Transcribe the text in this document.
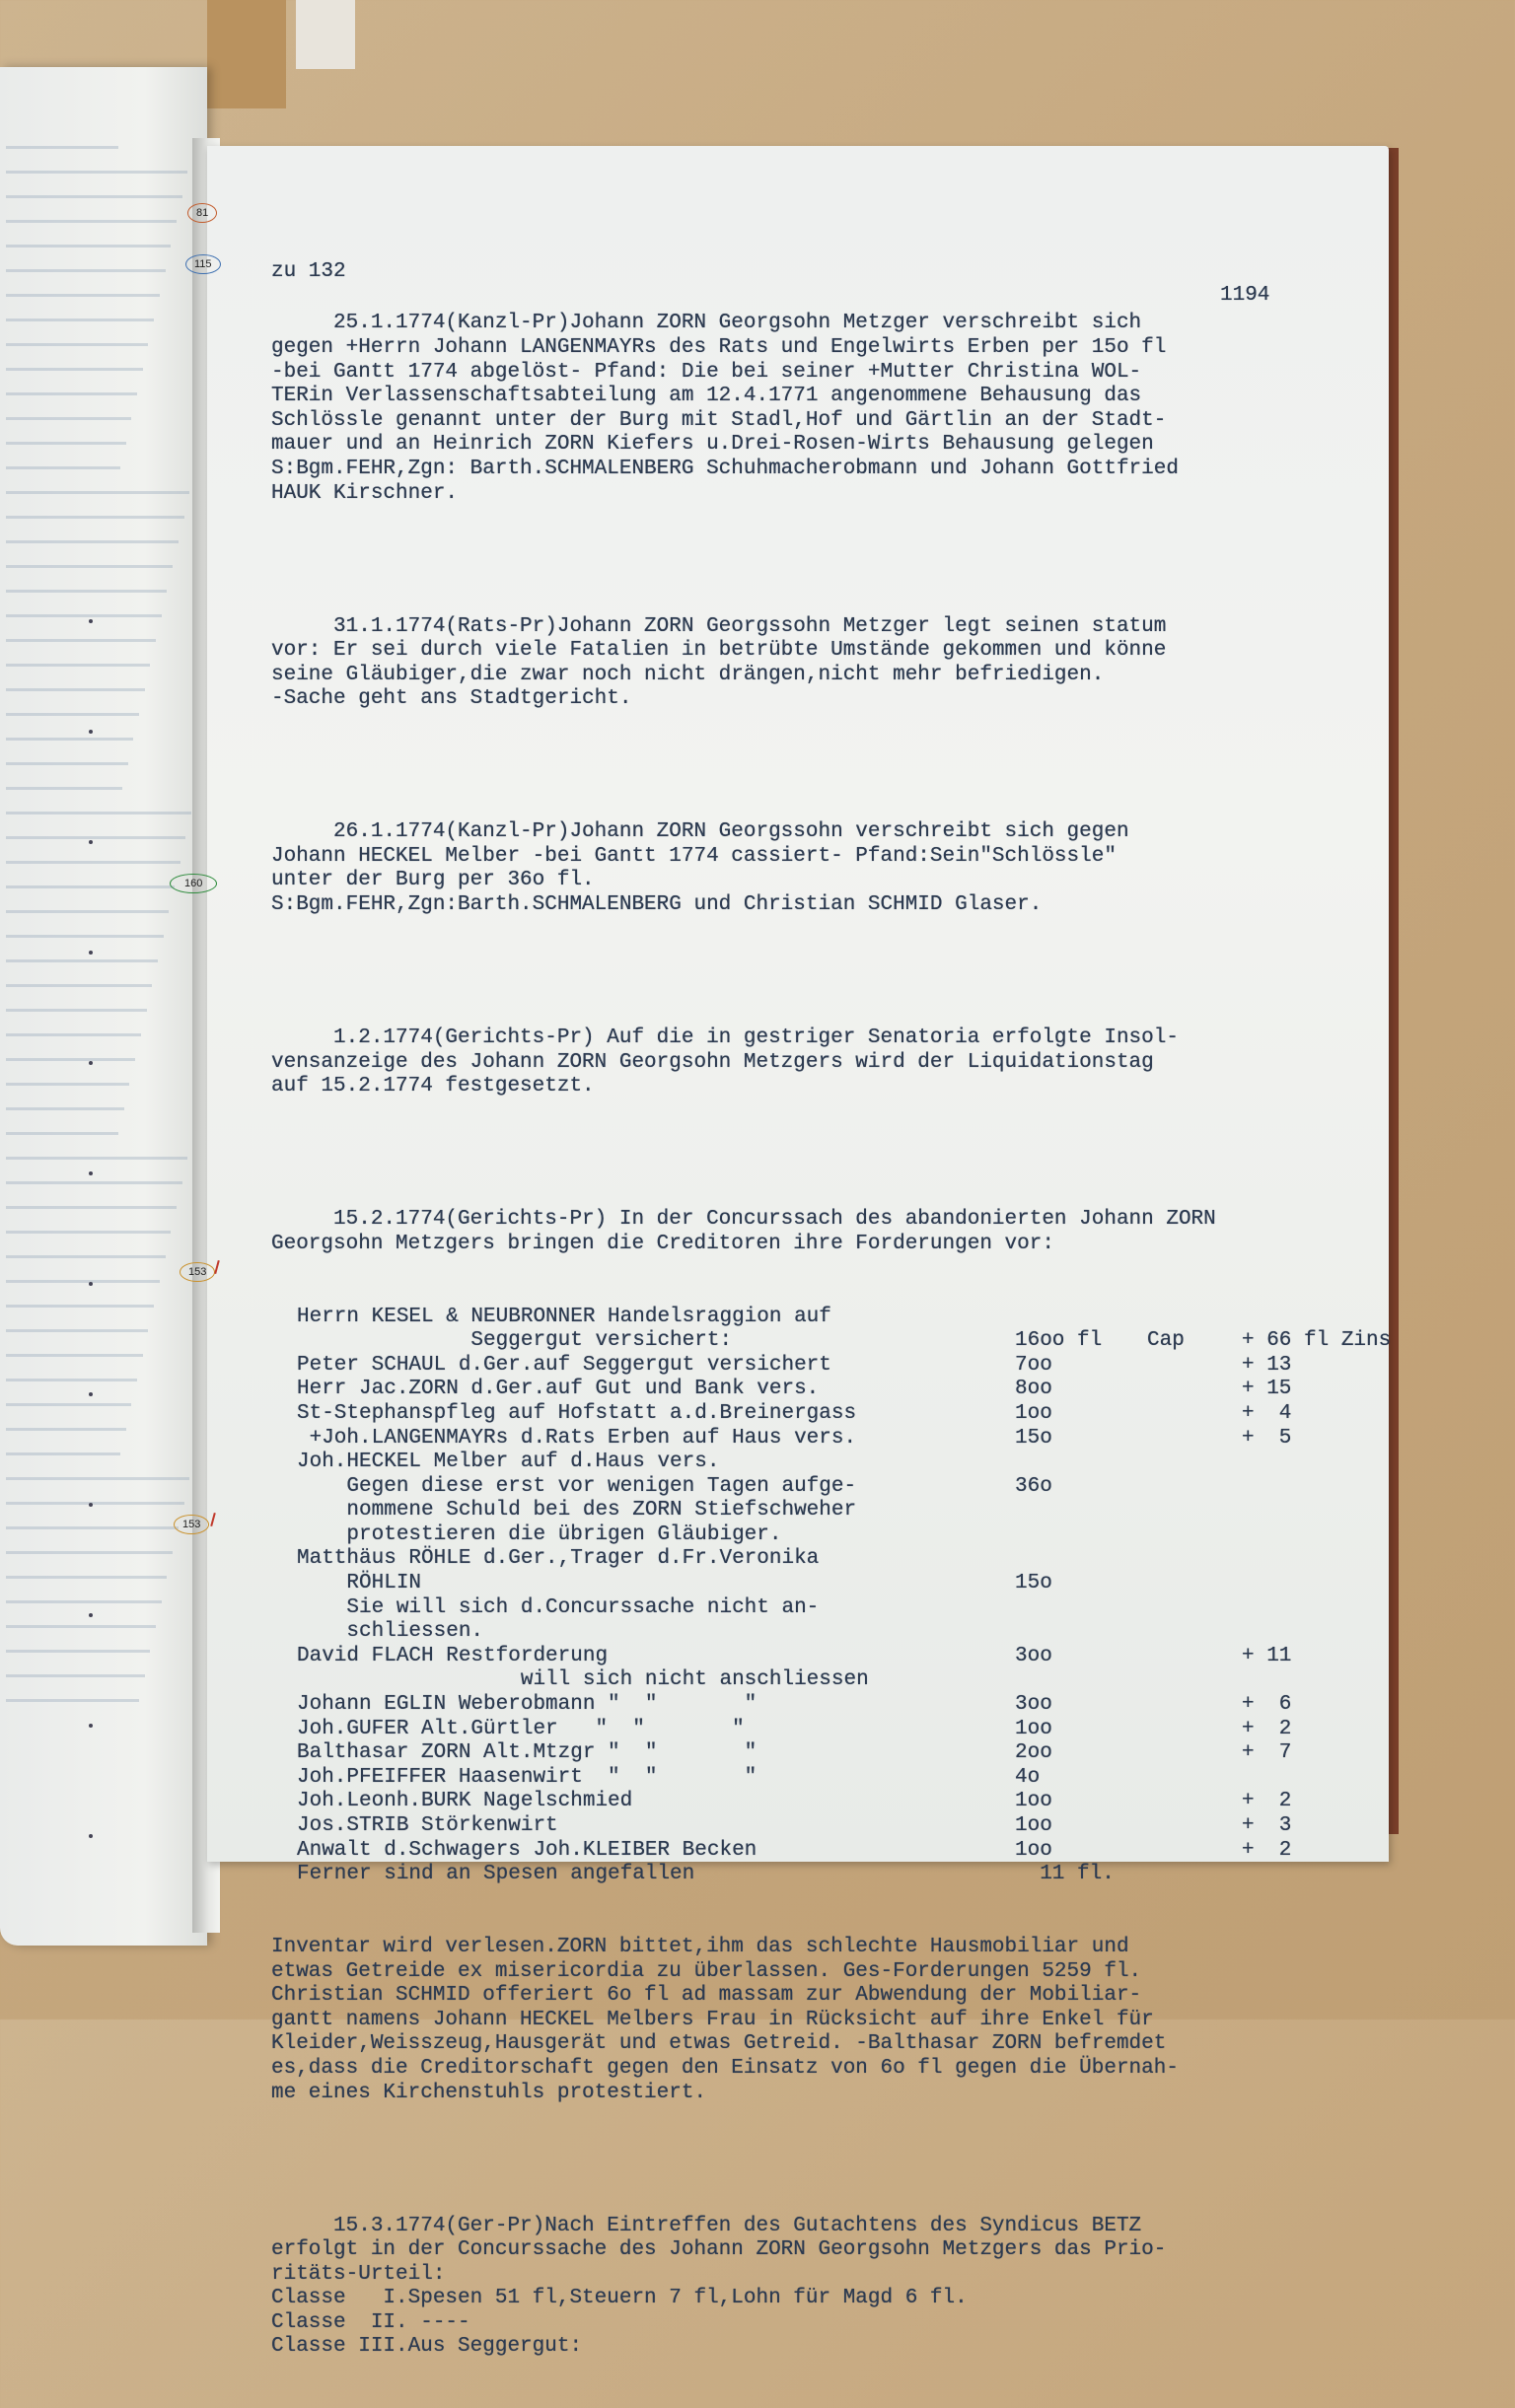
zu 132

1194

25.1.1774(Kanzl-Pr)Johann ZORN Georgsohn Metzger verschreibt sich
gegen +Herrn Johann LANGENMAYRs des Rats und Engelwirts Erben per 15o fl
-bei Gantt 1774 abgelöst- Pfand: Die bei seiner +Mutter Christina WOL-
TERin Verlassenschaftsabteilung am 12.4.1771 angenommene Behausung das
Schlössle genannt unter der Burg mit Stadl,Hof und Gärtlin an der Stadt-
mauer und an Heinrich ZORN Kiefers u.Drei-Rosen-Wirts Behausung gelegen
S:Bgm.FEHR,Zgn: Barth.SCHMALENBERG Schuhmacherobmann und Johann Gottfried
HAUK Kirschner.

31.1.1774(Rats-Pr)Johann ZORN Georgssohn Metzger legt seinen statum
vor: Er sei durch viele Fatalien in betrübte Umstände gekommen und könne
seine Gläubiger,die zwar noch nicht drängen,nicht mehr befriedigen.
-Sache geht ans Stadtgericht.

26.1.1774(Kanzl-Pr)Johann ZORN Georgssohn verschreibt sich gegen
Johann HECKEL Melber -bei Gantt 1774 cassiert- Pfand:Sein"Schlössle"
unter der Burg per 36o fl.
S:Bgm.FEHR,Zgn:Barth.SCHMALENBERG und Christian SCHMID Glaser.

1.2.1774(Gerichts-Pr) Auf die in gestriger Senatoria erfolgte Insol-
vensanzeige des Johann ZORN Georgsohn Metzgers wird der Liquidationstag
auf 15.2.1774 festgesetzt.

15.2.1774(Gerichts-Pr) In der Concurssach des abandonierten Johann ZORN
Georgsohn Metzgers bringen die Creditoren ihre Forderungen vor:

Herrn KESEL & NEUBRONNER Handelsraggion auf
Seggergut versichert:	16oo fl Cap	+ 66 fl Zins
Peter SCHAUL d.Ger.auf Seggergut versichert	7oo	+ 13
Herr Jac.ZORN d.Ger.auf Gut und Bank vers.	8oo	+ 15
St-Stephanspfleg auf Hofstatt a.d.Breinergass	1oo	+  4
+Joh.LANGENMAYRs d.Rats Erben auf Haus vers.	15o	+  5
Joh.HECKEL Melber auf d.Haus vers.
Gegen diese erst vor wenigen Tagen aufge-	36o
nommene Schuld bei des ZORN Stiefschweher
protestieren die übrigen Gläubiger.
Matthäus RÖHLE d.Ger.,Trager d.Fr.Veronika
RÖHLIN	15o
Sie will sich d.Concurssache nicht an-
schliessen.
David FLACH Restforderung	3oo	+ 11
will sich nicht anschliessen
Johann EGLIN Weberobmann "  "       "	3oo	+  6
Joh.GUFER Alt.Gürtler   "  "       "	1oo	+  2
Balthasar ZORN Alt.Mtzgr "  "       "	2oo	+  7
Joh.PFEIFFER Haasenwirt  "  "       "	4o
Joh.Leonh.BURK Nagelschmied	1oo	+  2
Jos.STRIB Störkenwirt	1oo	+  3
Anwalt d.Schwagers Joh.KLEIBER Becken	1oo	+  2
Ferner sind an Spesen angefallen	11 fl.

Inventar wird verlesen.ZORN bittet,ihm das schlechte Hausmobiliar und
etwas Getreide ex misericordia zu überlassen. Ges-Forderungen 5259 fl.
Christian SCHMID offeriert 6o fl ad massam zur Abwendung der Mobiliar-
gantt namens Johann HECKEL Melbers Frau in Rücksicht auf ihre Enkel für
Kleider,Weisszeug,Hausgerät und etwas Getreid. -Balthasar ZORN befremdet
es,dass die Creditorschaft gegen den Einsatz von 6o fl gegen die Übernah-
me eines Kirchenstuhls protestiert.

15.3.1774(Ger-Pr)Nach Eintreffen des Gutachtens des Syndicus BETZ
erfolgt in der Concurssache des Johann ZORN Georgsohn Metzgers das Prio-
ritäts-Urteil:
Classe   I.Spesen 51 fl,Steuern 7 fl,Lohn für Magd 6 fl.
Classe  II. ----
Classe III.Aus Seggergut:

81
115
160
153
153
